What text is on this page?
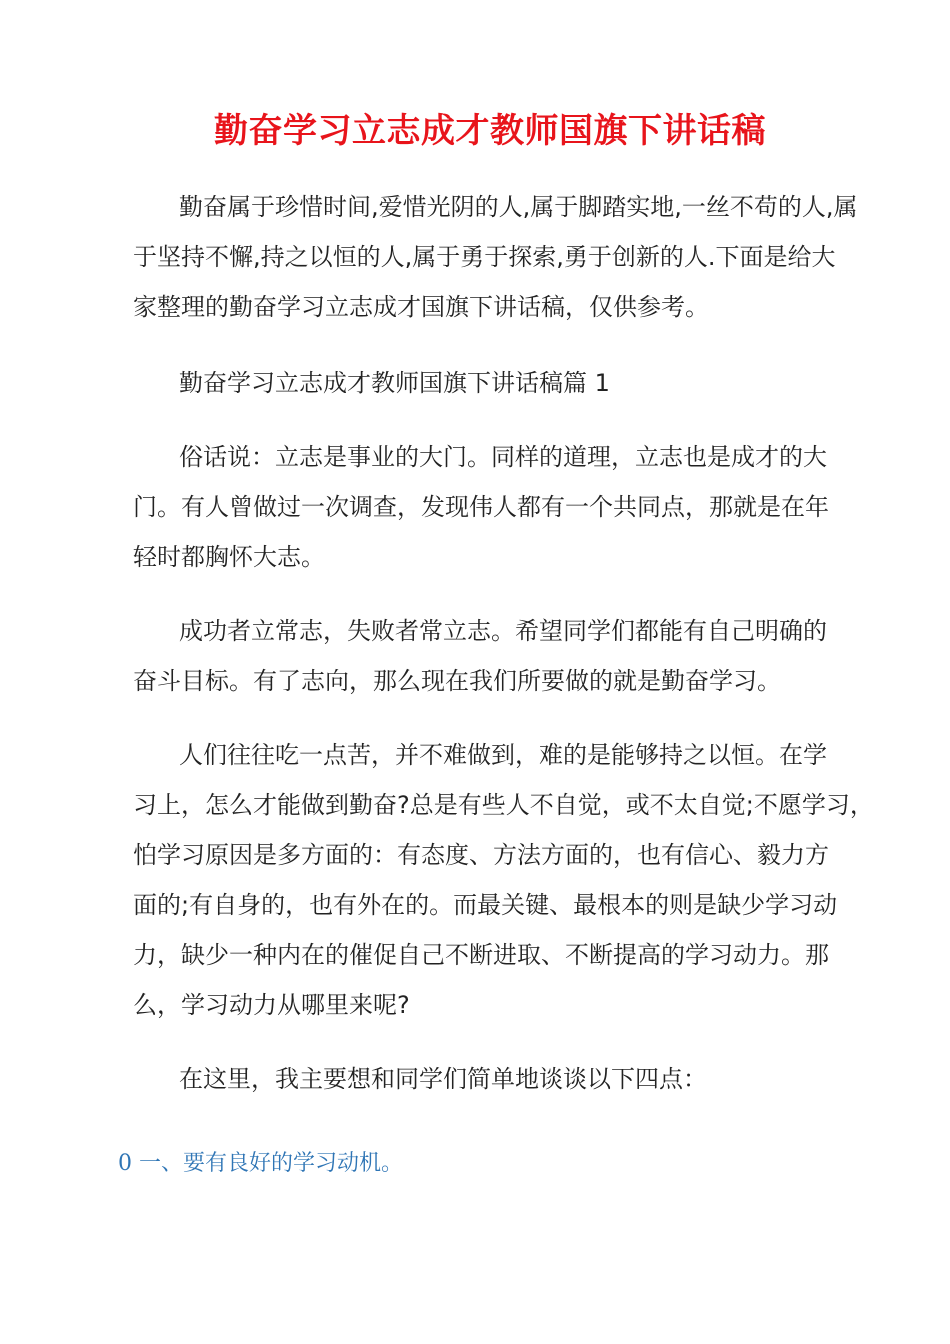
勤奋学习立志成才教师国旗下讲话稿

勤奋属于珍惜时间,爱惜光阴的人,属于脚踏实地,一丝不苟的人,属
于坚持不懈,持之以恒的人,属于勇于探索,勇于创新的人.下面是给大
家整理的勤奋学习立志成才国旗下讲话稿，仅供参考。

勤奋学习立志成才教师国旗下讲话稿篇 1

俗话说：立志是事业的大门。同样的道理，立志也是成才的大
门。有人曾做过一次调查，发现伟人都有一个共同点，那就是在年
轻时都胸怀大志。

成功者立常志，失败者常立志。希望同学们都能有自己明确的
奋斗目标。有了志向，那么现在我们所要做的就是勤奋学习。

人们往往吃一点苦，并不难做到，难的是能够持之以恒。在学
习上，怎么才能做到勤奋?总是有些人不自觉，或不太自觉;不愿学习，
怕学习原因是多方面的：有态度、方法方面的，也有信心、毅力方
面的;有自身的，也有外在的。而最关键、最根本的则是缺少学习动
力，缺少一种内在的催促自己不断进取、不断提高的学习动力。那
么，学习动力从哪里来呢?

在这里，我主要想和同学们简单地谈谈以下四点：

0 一、要有良好的学习动机。
